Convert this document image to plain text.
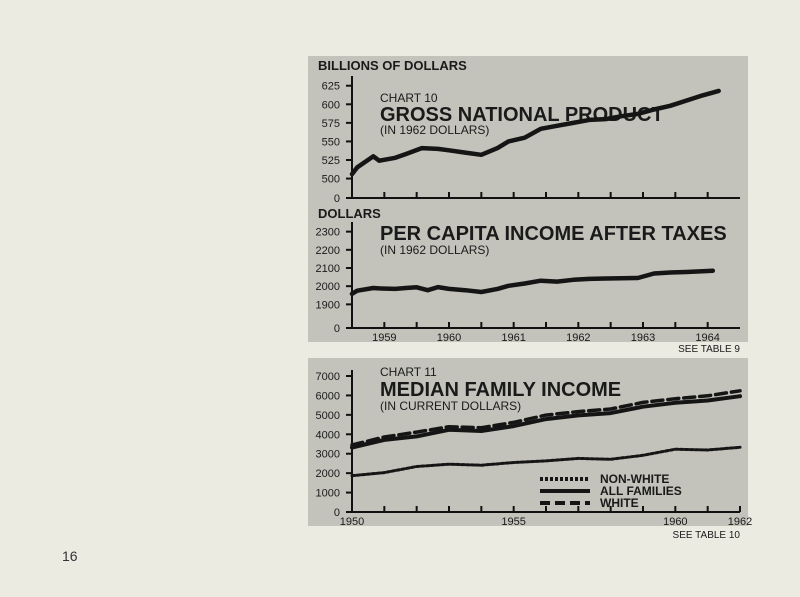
BILLIONS OF DOLLARS
CHART 10
GROSS NATIONAL PRODUCT
(IN 1962 DOLLARS)
625
600
575
550
525
500
0
DOLLARS
PER CAPITA INCOME AFTER TAXES
(IN 1962 DOLLARS)
2300
2200
2100
2000
1900
0
1959	1960	1961	1962	1963	1964
SEE TABLE 9
CHART 11
MEDIAN FAMILY INCOME
(IN CURRENT DOLLARS)
7000
6000
5000
4000
3000
2000
1000
0
1950	1955	1960	1962
SEE TABLE 10
NON-WHITE
ALL FAMILIES
WHITE
16
